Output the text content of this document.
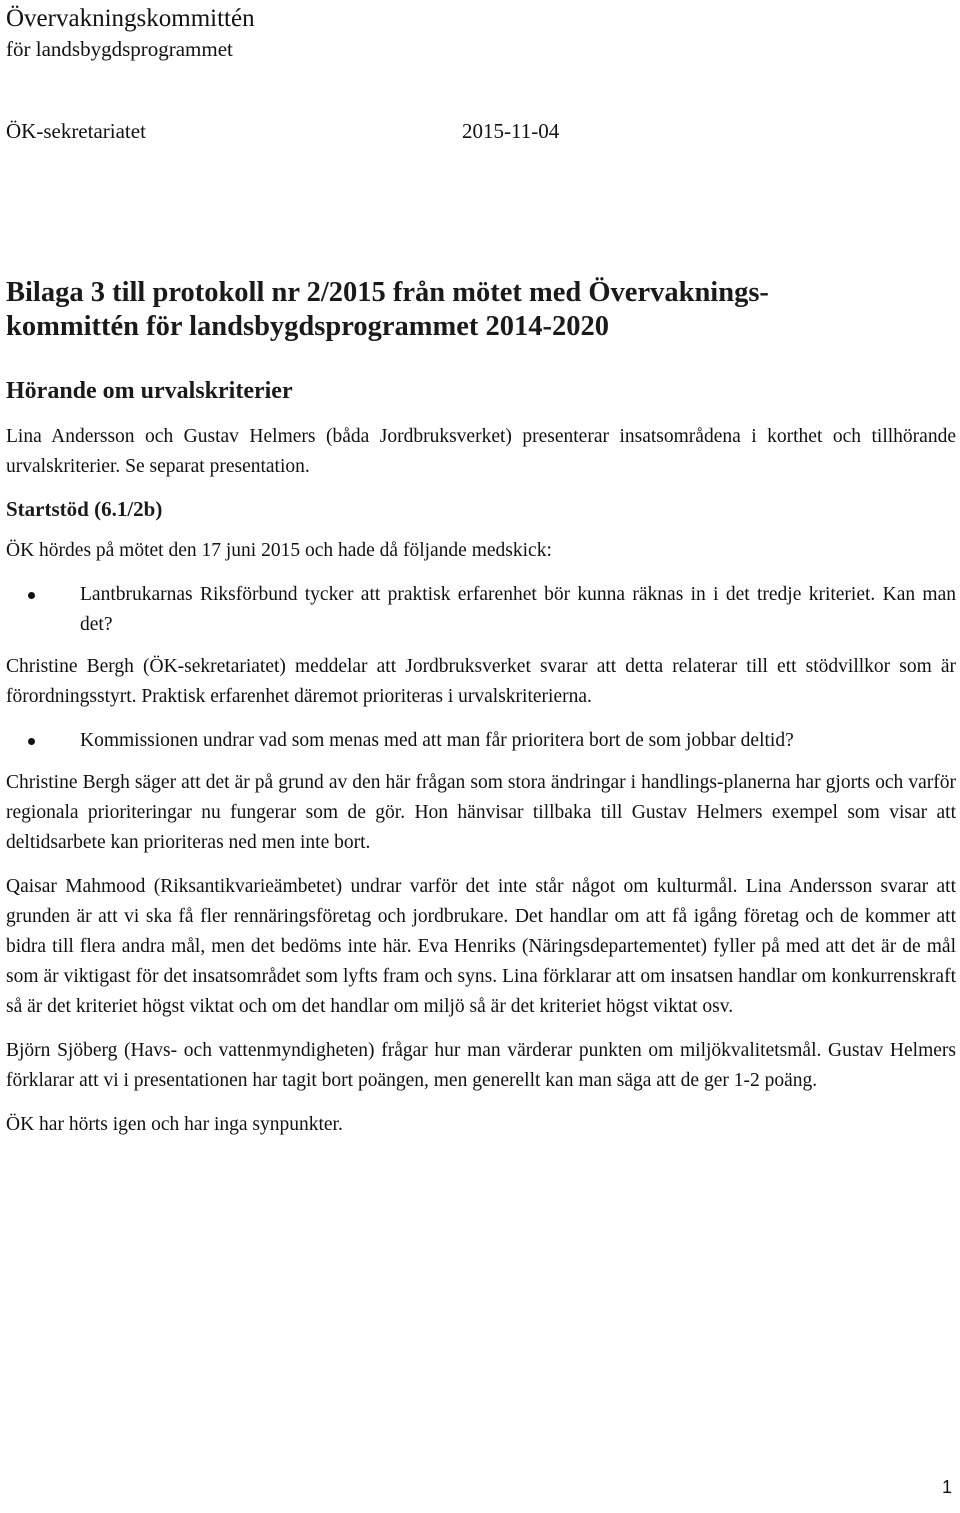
Övervakningskommittén
för landsbygdsprogrammet
ÖK-sekretariatet	2015-11-04
Bilaga 3 till protokoll nr 2/2015 från mötet med Övervaknings-
kommittén för landsbygdsprogrammet 2014-2020
Hörande om urvalskriterier

Lina Andersson och Gustav Helmers (båda Jordbruksverket) presenterar insatsområdena i korthet och tillhörande urvalskriterier. Se separat presentation.

Startstöd (6.1/2b)

ÖK hördes på mötet den 17 juni 2015 och hade då följande medskick:

Lantbrukarnas Riksförbund tycker att praktisk erfarenhet bör kunna räknas in i det tredje kriteriet. Kan man det?

Christine Bergh (ÖK-sekretariatet) meddelar att Jordbruksverket svarar att detta relaterar till ett stödvillkor som är förordningsstyrt. Praktisk erfarenhet däremot prioriteras i urvalskriterierna.

Kommissionen undrar vad som menas med att man får prioritera bort de som jobbar deltid?

Christine Bergh säger att det är på grund av den här frågan som stora ändringar i handlings-planerna har gjorts och varför regionala prioriteringar nu fungerar som de gör. Hon hänvisar tillbaka till Gustav Helmers exempel som visar att deltidsarbete kan prioriteras ned men inte bort.

Qaisar Mahmood (Riksantikvarieämbetet) undrar varför det inte står något om kulturmål. Lina Andersson svarar att grunden är att vi ska få fler rennäringsföretag och jordbrukare. Det handlar om att få igång företag och de kommer att bidra till flera andra mål, men det bedöms inte här. Eva Henriks (Näringsdepartementet) fyller på med att det är de mål som är viktigast för det insatsområdet som lyfts fram och syns. Lina förklarar att om insatsen handlar om konkurrenskraft så är det kriteriet högst viktat och om det handlar om miljö så är det kriteriet högst viktat osv.

Björn Sjöberg (Havs- och vattenmyndigheten) frågar hur man värderar punkten om miljökvalitetsmål. Gustav Helmers förklarar att vi i presentationen har tagit bort poängen, men generellt kan man säga att de ger 1-2 poäng.

ÖK har hörts igen och har inga synpunkter.

1
